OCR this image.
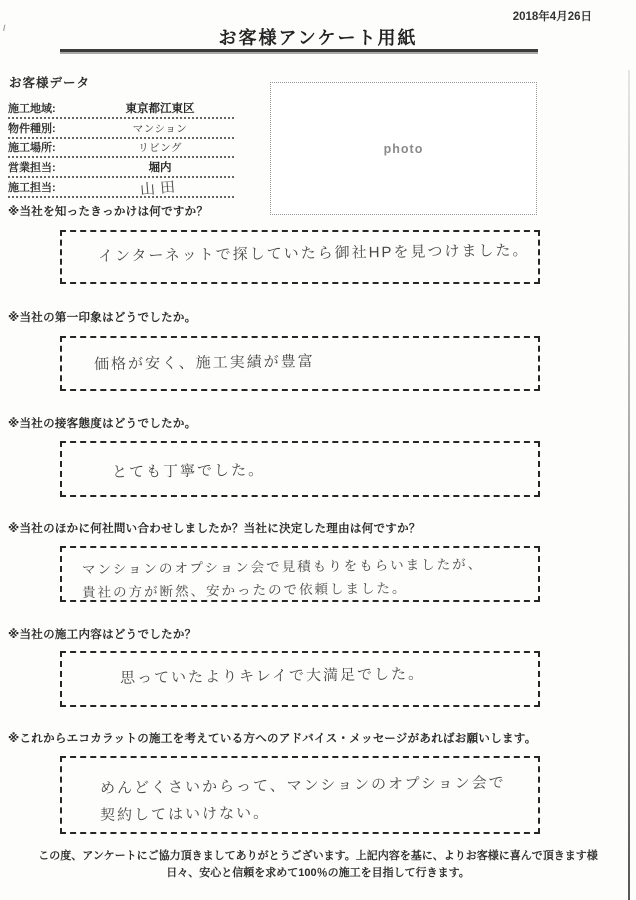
ι
2018年4月26日
お客様アンケート用紙
お客様データ
施工地域:	東京都江東区
物件種別:	マンション
施工場所:	リビング
営業担当:	堀内
施工担当:	山田
photo
※当社を知ったきっかけは何ですか？
インターネットで探していたら御社HPを見つけました。
※当社の第一印象はどうでしたか。
価格が安く、施工実績が豊富
※当社の接客態度はどうでしたか。
とても丁寧でした。
※当社のほかに何社問い合わせしましたか？当社に決定した理由は何ですか？
マンションのオプション会で見積もりをもらいましたが、
貴社の方が断然、安かったので依頼しました。
※当社の施工内容はどうでしたか？
思っていたよりキレイで大満足でした。
※これからエコカラットの施工を考えている方へのアドバイス・メッセージがあればお願いします。
めんどくさいからって、マンションのオプション会で
契約してはいけない。
この度、アンケートにご協力頂きましてありがとうございます。上記内容を基に、よりお客様に喜んで頂きます様
日々、安心と信頼を求めて100％の施工を目指して行きます。
